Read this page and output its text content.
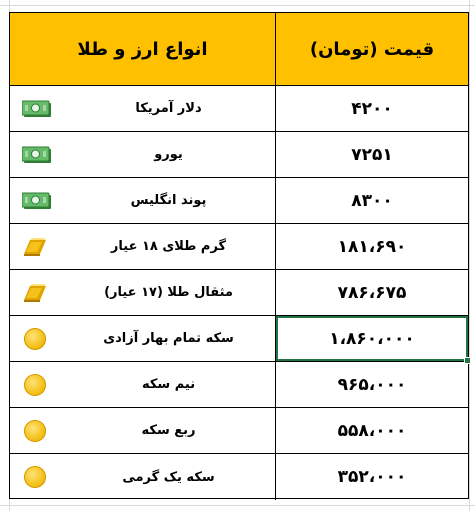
انواع ارز و طلا	قیمت (تومان)
دلار آمریکا	۴۲۰۰
یورو	۷۲۵۱
پوند انگلیس	۸۳۰۰
گرم طلای ۱۸ عیار	۱۸۱،۶۹۰
مثقال طلا (۱۷ عیار)	۷۸۶،۶۷۵
سکه تمام بهار آزادی	۱،۸۶۰،۰۰۰
نیم سکه	۹۶۵،۰۰۰
ربع سکه	۵۵۸،۰۰۰
سکه یک گرمی	۳۵۲،۰۰۰
